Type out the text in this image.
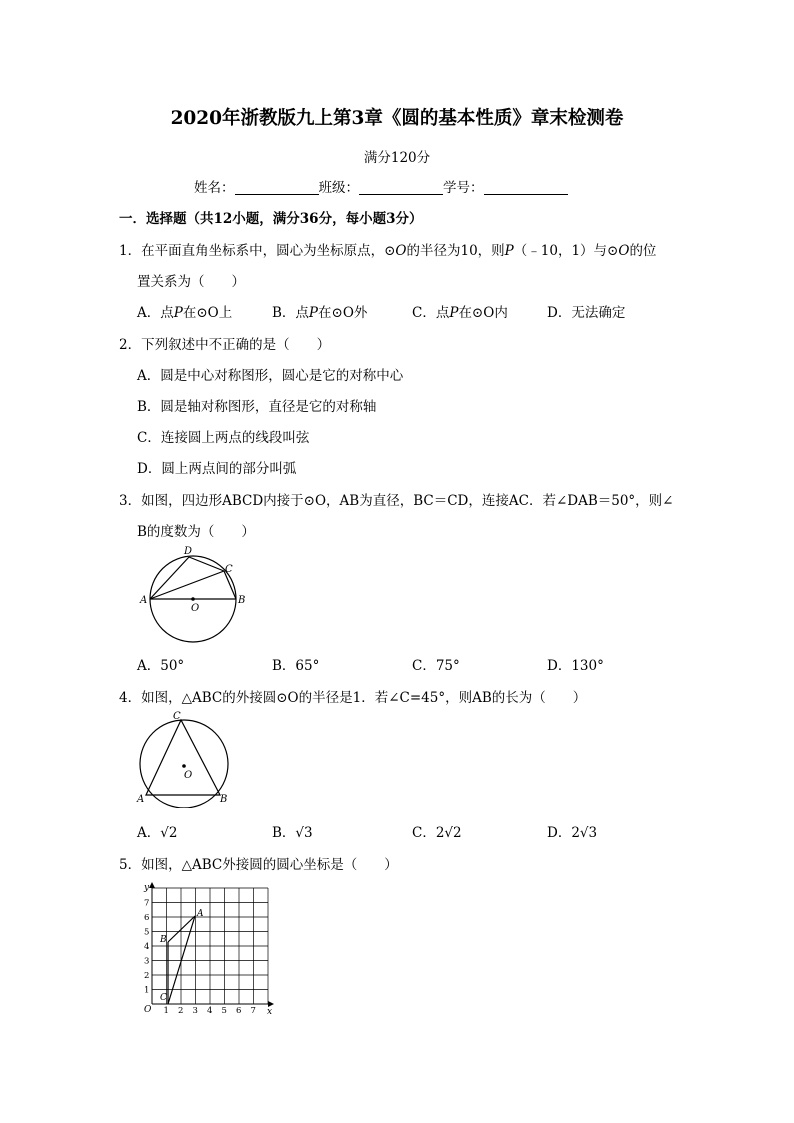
2020年浙教版九上第3章《圆的基本性质》章末检测卷
满分120分
姓名：	班级：	学号：
一．选择题（共12小题，满分36分，每小题3分）
1．在平面直角坐标系中，圆心为坐标原点，⊙O的半径为10，则P（﹣10，1）与⊙O的位
置关系为（　　）
A．点P在⊙O上	B．点P在⊙O外	C．点P在⊙O内	D．无法确定
2．下列叙述中不正确的是（　　）
A．圆是中心对称图形，圆心是它的对称中心
B．圆是轴对称图形，直径是它的对称轴
C．连接圆上两点的线段叫弦
D．圆上两点间的部分叫弧
3．如图，四边形ABCD内接于⊙O，AB为直径，BC＝CD，连接AC．若∠DAB＝50°，则∠
B的度数为（　　）
A	B
C
D
O
A．50°	B．65°	C．75°	D．130°
4．如图，△ABC的外接圆⊙O的半径是1．若∠C=45°，则AB的长为（　　）
C
A	B
O
A．√2	B．√3	C．2√2	D．2√3
5．如图，△ABC外接圆的圆心坐标是（　　）
1 2 3 4 5 6 7
1
2
3
4
5
6
7
A
B
C
O	x
y
